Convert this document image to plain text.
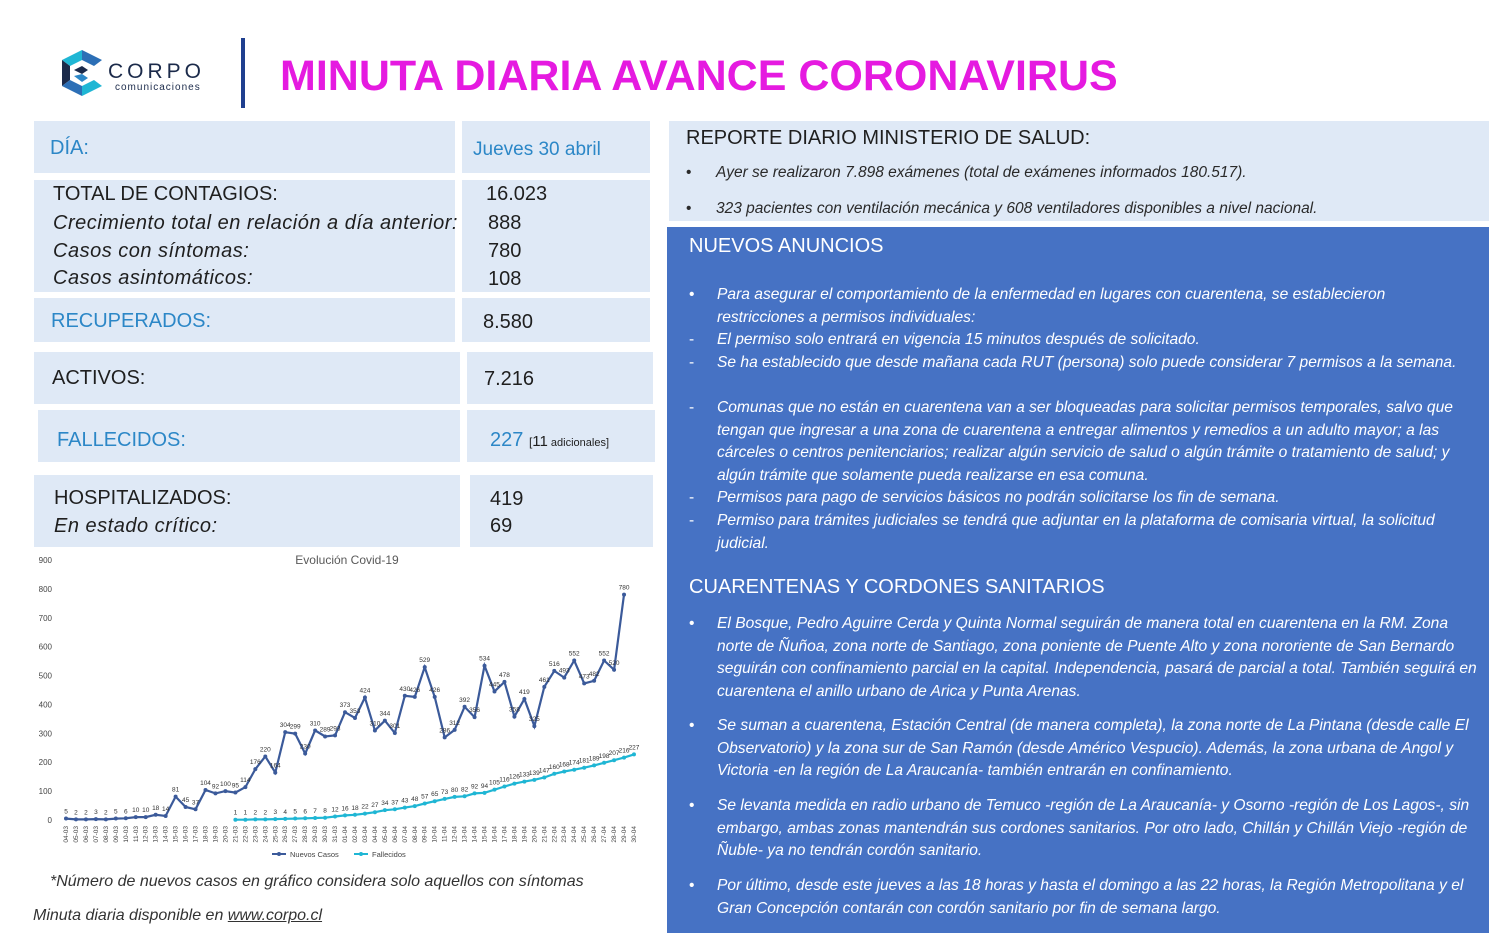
CORPO
comunicaciones MINUTA DIARIA AVANCE CORONAVIRUS
DÍA:	Jueves 30 abril
TOTAL DE CONTAGIOS:	16.023
Crecimiento total en relación a día anterior: 888
Casos con síntomas:	780
Casos asintomáticos:	108
RECUPERADOS:	8.580
ACTIVOS:	7.216
FALLECIDOS:	227 [11 adicionales]
HOSPITALIZADOS:	419
En estado crítico:	69
Evolución Covid-19
0
100
200
300
400
500
600
700
800
900
04-03 05-03 06-03 07-03 08-03 09-03 10-03 11-03 12-03 13-03 14-03 15-03 16-03 17-03 18-03 19-03 20-03 21-03 22-03 23-03 24-03 25-03 26-03 27-03 28-03 29-03 30-03 31-03 01-04 02-04 03-04 04-04 05-04 06-04 07-04 08-04 09-04 10-04 11-04 12-04 13-04 14-04 15-04 16-04 17-04 18-04 19-04 20-04 21-04 22-04 23-04 24-04 25-04 26-04 27-04 28-04 29-04 30-04
5 2 2 3 2 5 6 10 10 18 14
81
45 37
104 92 100 95
114
176
220
164
304 299
230
310
289 293
373
353
424
310
344
301
430 426
529
426
286
312
392
356
534
445
478
358
419
325
461
516
493
552
473 482
552
520
780
1 1 2 2 3 4 5 6 7 8 12 16 18 22 27 34 37 43 48 57 65 73 80 82 92 94 105 116 126 133 139 147
160 168 174 181 189 198 207 216 227
Nuevos Casos	Fallecidos
*Número de nuevos casos en gráfico considera solo aquellos con síntomas
Minuta diaria disponible en www.corpo.cl
REPORTE DIARIO MINISTERIO DE SALUD:
• Ayer se realizaron 7.898 exámenes (total de exámenes informados 180.517).
• 323 pacientes con ventilación mecánica y 608 ventiladores disponibles a nivel nacional.
NUEVOS ANUNCIOS
• Para asegurar el comportamiento de la enfermedad en lugares con cuarentena, se establecieron restricciones a permisos individuales:
- El permiso solo entrará en vigencia 15 minutos después de solicitado.
- Se ha establecido que desde mañana cada RUT (persona) solo puede considerar 7 permisos a la semana.
- Comunas que no están en cuarentena van a ser bloqueadas para solicitar permisos temporales, salvo que tengan que ingresar a una zona de cuarentena a entregar alimentos y remedios a un adulto mayor; a las cárceles o centros penitenciarios; realizar algún servicio de salud o algún trámite o tratamiento de salud; y algún trámite que solamente pueda realizarse en esa comuna.
- Permisos para pago de servicios básicos no podrán solicitarse los fin de semana.
- Permiso para trámites judiciales se tendrá que adjuntar en la plataforma de comisaria virtual, la solicitud judicial.
CUARENTENAS Y CORDONES SANITARIOS
• El Bosque, Pedro Aguirre Cerda y Quinta Normal seguirán de manera total en cuarentena en la RM. Zona norte de Ñuñoa, zona norte de Santiago, zona poniente de Puente Alto y zona nororiente de San Bernardo seguirán con confinamiento parcial en la capital. Independencia, pasará de parcial a total. También seguirá en cuarentena el anillo urbano de Arica y Punta Arenas.
• Se suman a cuarentena, Estación Central (de manera completa), la zona norte de La Pintana (desde calle El Observatorio) y la zona sur de San Ramón (desde Américo Vespucio). Además, la zona urbana de Angol y Victoria -en la región de La Araucanía- también entrarán en confinamiento.
• Se levanta medida en radio urbano de Temuco -región de La Araucanía- y Osorno -región de Los Lagos-, sin embargo, ambas zonas mantendrán sus cordones sanitarios. Por otro lado, Chillán y Chillán Viejo -región de Ñuble- ya no tendrán cordón sanitario.
• Por último, desde este jueves a las 18 horas y hasta el domingo a las 22 horas, la Región Metropolitana y el Gran Concepción contarán con cordón sanitario por fin de semana largo.
